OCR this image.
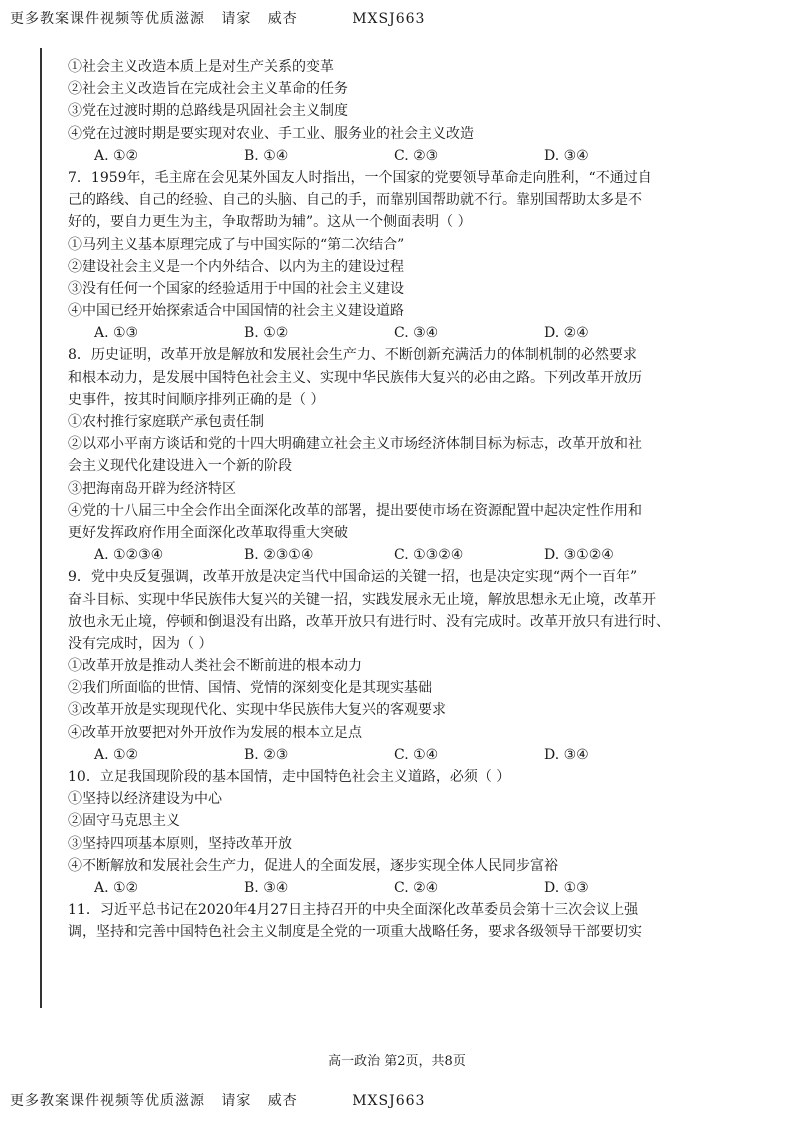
更多教案课件视频等优质滋源   请家   威杏          MXSJ663
①社会主义改造本质上是对生产关系的变革
②社会主义改造旨在完成社会主义革命的任务
③党在过渡时期的总路线是巩固社会主义制度
④党在过渡时期是要实现对农业、手工业、服务业的社会主义改造
A. ①②	B. ①④	C. ②③	D. ③④
7．1959年，毛主席在会见某外国友人时指出，一个国家的党要领导革命走向胜利，“不通过自
己的路线、自己的经验、自己的头脑、自己的手，而靠别国帮助就不行。靠别国帮助太多是不
好的，要自力更生为主，争取帮助为辅”。这从一个侧面表明（ ）
①马列主义基本原理完成了与中国实际的“第二次结合”
②建设社会主义是一个内外结合、以内为主的建设过程
③没有任何一个国家的经验适用于中国的社会主义建设
④中国已经开始探索适合中国国情的社会主义建设道路
A. ①③	B. ①②	C. ③④	D. ②④
8．历史证明，改革开放是解放和发展社会生产力、不断创新充满活力的体制机制的必然要求
和根本动力，是发展中国特色社会主义、实现中华民族伟大复兴的必由之路。下列改革开放历
史事件，按其时间顺序排列正确的是（ ）
①农村推行家庭联产承包责任制
②以邓小平南方谈话和党的十四大明确建立社会主义市场经济体制目标为标志，改革开放和社
会主义现代化建设进入一个新的阶段
③把海南岛开辟为经济特区
④党的十八届三中全会作出全面深化改革的部署，提出要使市场在资源配置中起决定性作用和
更好发挥政府作用全面深化改革取得重大突破
A. ①②③④	B. ②③①④	C. ①③②④	D. ③①②④
9．党中央反复强调，改革开放是决定当代中国命运的关键一招，也是决定实现“两个一百年”
奋斗目标、实现中华民族伟大复兴的关键一招，实践发展永无止境，解放思想永无止境，改革开
放也永无止境，停顿和倒退没有出路，改革开放只有进行时、没有完成时。改革开放只有进行时、
没有完成时，因为（ ）
①改革开放是推动人类社会不断前进的根本动力
②我们所面临的世情、国情、党情的深刻变化是其现实基础
③改革开放是实现现代化、实现中华民族伟大复兴的客观要求
④改革开放要把对外开放作为发展的根本立足点
A. ①②	B. ②③	C. ①④	D. ③④
10．立足我国现阶段的基本国情，走中国特色社会主义道路，必须（ ）
①坚持以经济建设为中心
②固守马克思主义
③坚持四项基本原则，坚持改革开放
④不断解放和发展社会生产力，促进人的全面发展，逐步实现全体人民同步富裕
A. ①②	B. ③④	C. ②④	D. ①③
11．习近平总书记在2020年4月27日主持召开的中央全面深化改革委员会第十三次会议上强
调，坚持和完善中国特色社会主义制度是全党的一项重大战略任务，要求各级领导干部要切实
高一政治 第2页，共8页
更多教案课件视频等优质滋源   请家   威杏          MXSJ663
